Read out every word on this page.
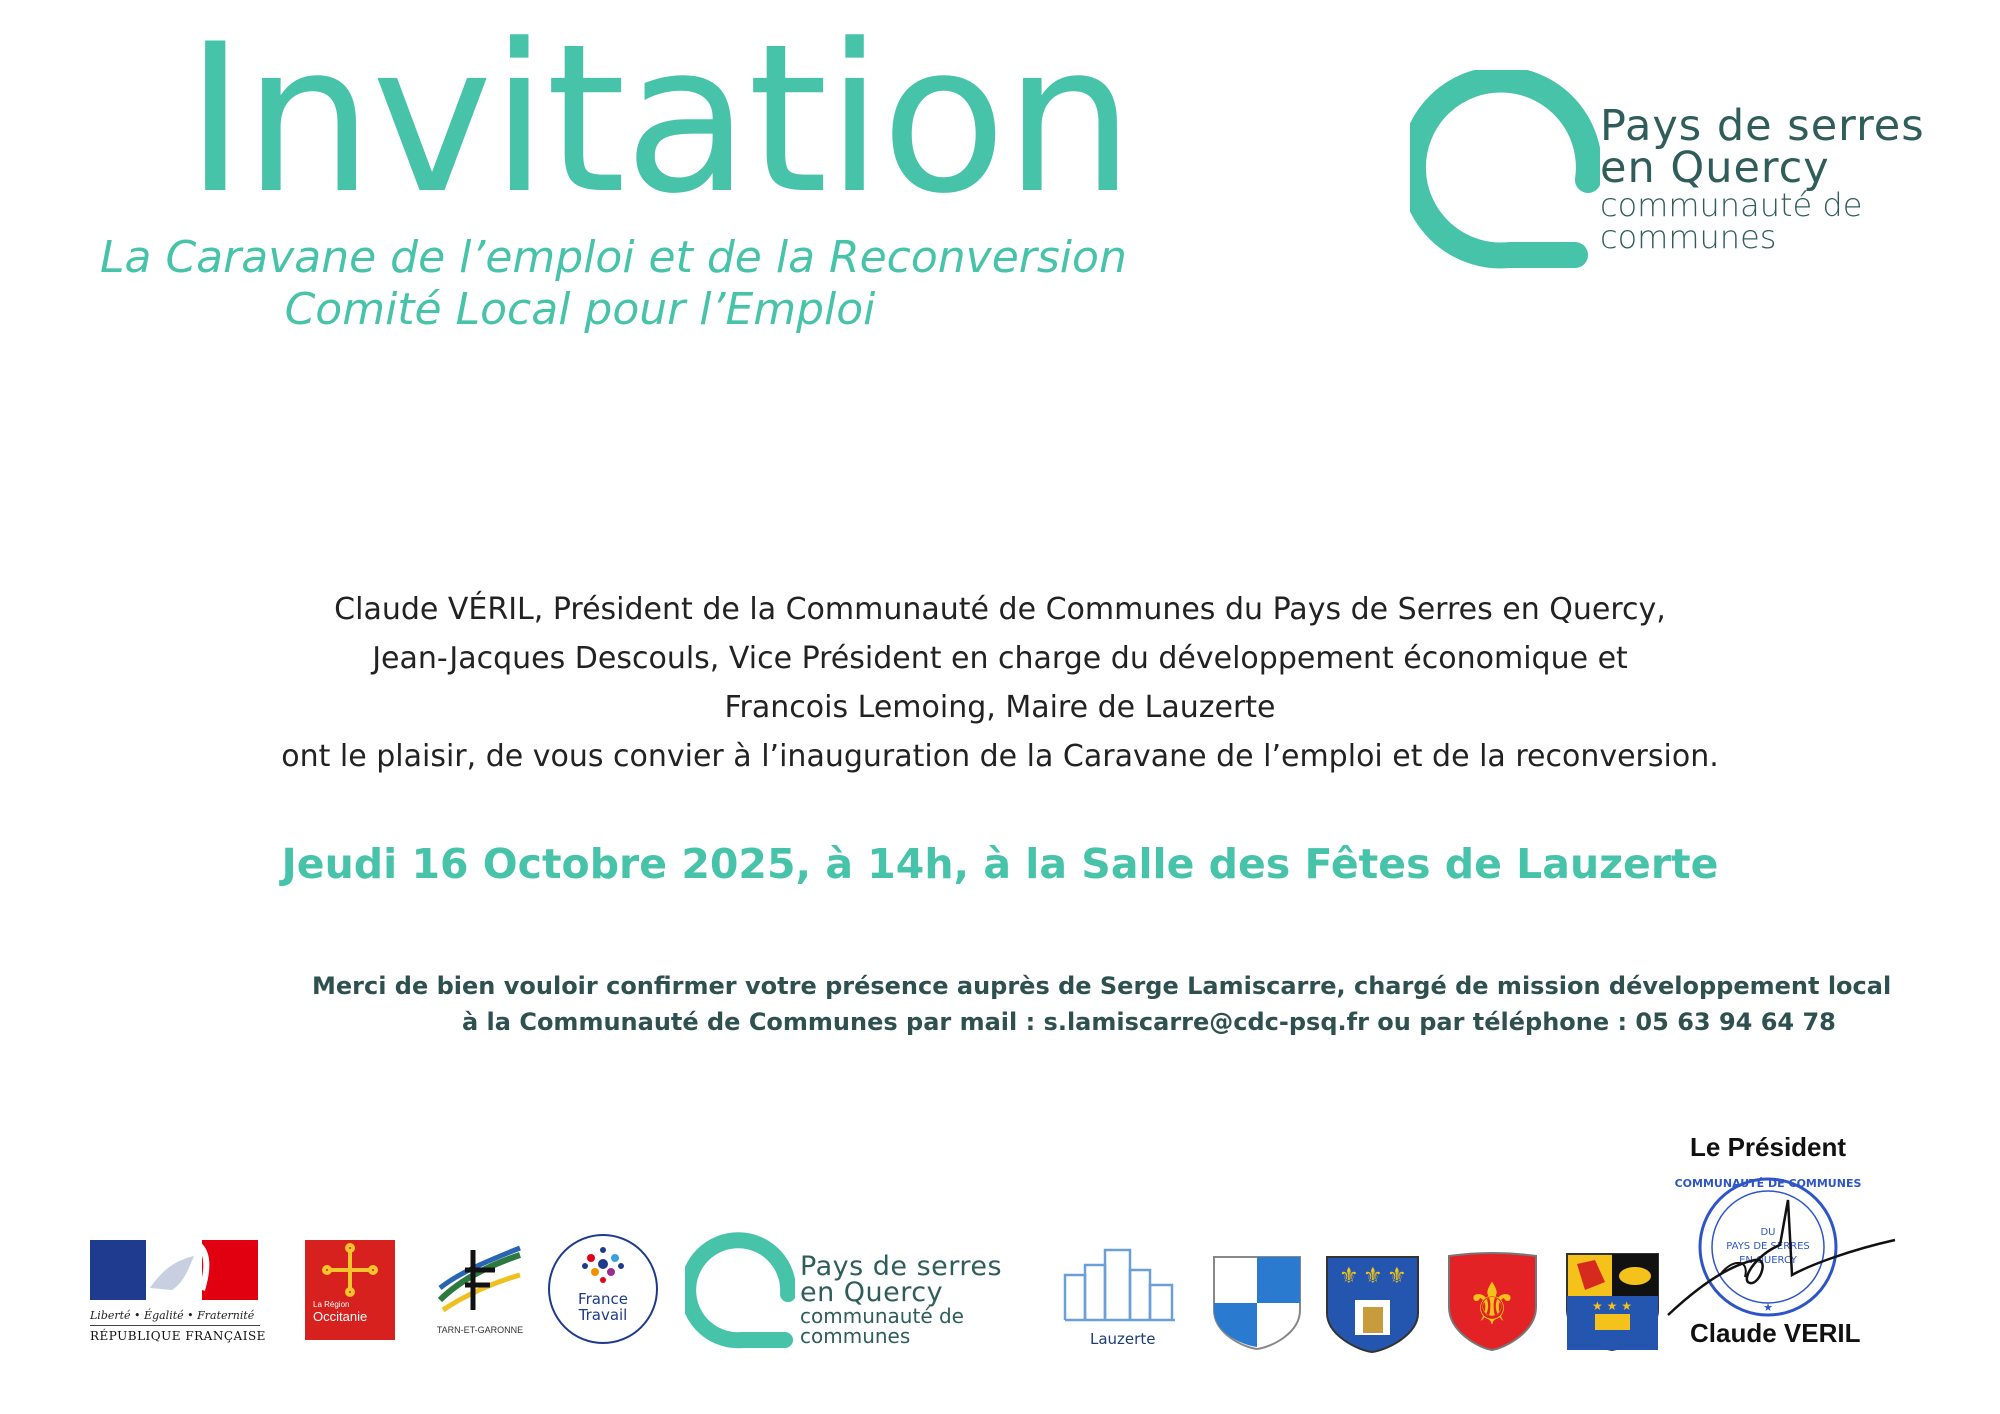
Invitation
La Caravane de l’emploi et de la Reconversion
Comité Local pour l’Emploi
Pays de serres
en Quercy
communauté de
communes
Claude VÉRIL, Président de la Communauté de Communes du Pays de Serres en Quercy,
Jean-Jacques Descouls, Vice Président en charge du développement économique et
Francois Lemoing, Maire de Lauzerte
ont le plaisir, de vous convier à l’inauguration de la Caravane de l’emploi et de la reconversion.
Jeudi 16 Octobre 2025, à 14h, à la Salle des Fêtes de Lauzerte
Merci de bien vouloir confirmer votre présence auprès de Serge Lamiscarre, chargé de mission développement local
à la Communauté de Communes par mail : s.lamiscarre@cdc-psq.fr ou par téléphone : 05 63 94 64 78
Le Président
COMMUNAUTÉ DE COMMUNES
DU
PAYS DE SERRES
EN QUERCY
★
Claude VERIL
Liberté • Égalité • Fraternité
RÉPUBLIQUE FRANÇAISE
La Région
Occitanie
TARN-ET-GARONNE
France
Travail
Pays de serres
en Quercy
communauté de
communes	Lauzerte
⚜ ⚜ ⚜ ⚜	★ ★ ★
